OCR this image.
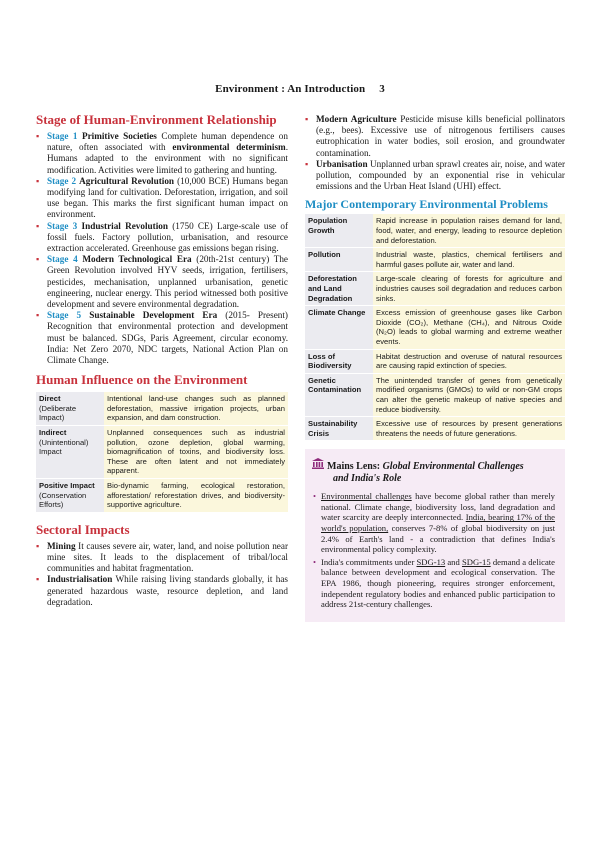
Environment : An Introduction 3
Stage of Human-Environment Relationship
▪ Stage 1 Primitive Societies Complete human dependence on nature, often associated with environmental determinism. Humans adapted to the environment with no significant modification. Activities were limited to gathering and hunting.
▪ Stage 2 Agricultural Revolution (10,000 BCE) Humans began modifying land for cultivation. Deforestation, irrigation, and soil use began. This marks the first significant human impact on environment.
▪ Stage 3 Industrial Revolution (1750 CE) Large-scale use of fossil fuels. Factory pollution, urbanisation, and resource extraction accelerated. Greenhouse gas emissions began rising.
▪ Stage 4 Modern Technological Era (20th-21st century) The Green Revolution involved HYV seeds, irrigation, fertilisers, pesticides, mechanisation, unplanned urbanisation, genetic engineering, nuclear energy. This period witnessed both positive development and severe environmental degradation.
▪ Stage 5 Sustainable Development Era (2015- Present) Recognition that environmental protection and development must be balanced. SDGs, Paris Agreement, circular economy. India: Net Zero 2070, NDC targets, National Action Plan on Climate Change.
Human Influence on the Environment
Direct
(Deliberate Impact)	Intentional land-use changes such as planned deforestation, massive irrigation projects, urban expansion, and dam construction.
Indirect
(Unintentional) Impact	Unplanned consequences such as industrial pollution, ozone depletion, global warming, biomagnification of toxins, and biodiversity loss. These are often latent and not immediately apparent.
Positive Impact
(Conservation Efforts)	Bio-dynamic farming, ecological restoration, afforestation/ reforestation drives, and biodiversity-supportive agriculture.
Sectoral Impacts
▪ Mining It causes severe air, water, land, and noise pollution near mine sites. It leads to the displacement of tribal/local communities and habitat fragmentation.
▪ Industrialisation While raising living standards globally, it has generated hazardous waste, resource depletion, and land degradation.
▪ Modern Agriculture Pesticide misuse kills beneficial pollinators (e.g., bees). Excessive use of nitrogenous fertilisers causes eutrophication in water bodies, soil erosion, and groundwater contamination.
▪ Urbanisation Unplanned urban sprawl creates air, noise, and water pollution, compounded by an exponential rise in vehicular emissions and the Urban Heat Island (UHI) effect.
Major Contemporary Environmental Problems
Population Growth	Rapid increase in population raises demand for land, food, water, and energy, leading to resource depletion and deforestation.
Pollution	Industrial waste, plastics, chemical fertilisers and harmful gases pollute air, water and land.
Deforestation and Land Degradation	Large-scale clearing of forests for agriculture and industries causes soil degradation and reduces carbon sinks.
Climate Change	Excess emission of greenhouse gases like Carbon Dioxide (CO₂), Methane (CH₄), and Nitrous Oxide (N₂O) leads to global warming and extreme weather events.
Loss of Biodiversity	Habitat destruction and overuse of natural resources are causing rapid extinction of species.
Genetic Contamination	The unintended transfer of genes from genetically modified organisms (GMOs) to wild or non-GM crops can alter the genetic makeup of native species and reduce biodiversity.
Sustainability Crisis	Excessive use of resources by present generations threatens the needs of future generations.
Mains Lens: Global Environmental Challenges
and India's Role
• Environmental challenges have become global rather than merely national. Climate change, biodiversity loss, land degradation and water scarcity are deeply interconnected. India, bearing 17% of the world's population, conserves 7-8% of global biodiversity on just 2.4% of Earth's land - a contradiction that defines India's environmental policy complexity.
• India's commitments under SDG-13 and SDG-15 demand a delicate balance between development and ecological conservation. The EPA 1986, though pioneering, requires stronger enforcement, independent regulatory bodies and enhanced public participation to address 21st-century challenges.
